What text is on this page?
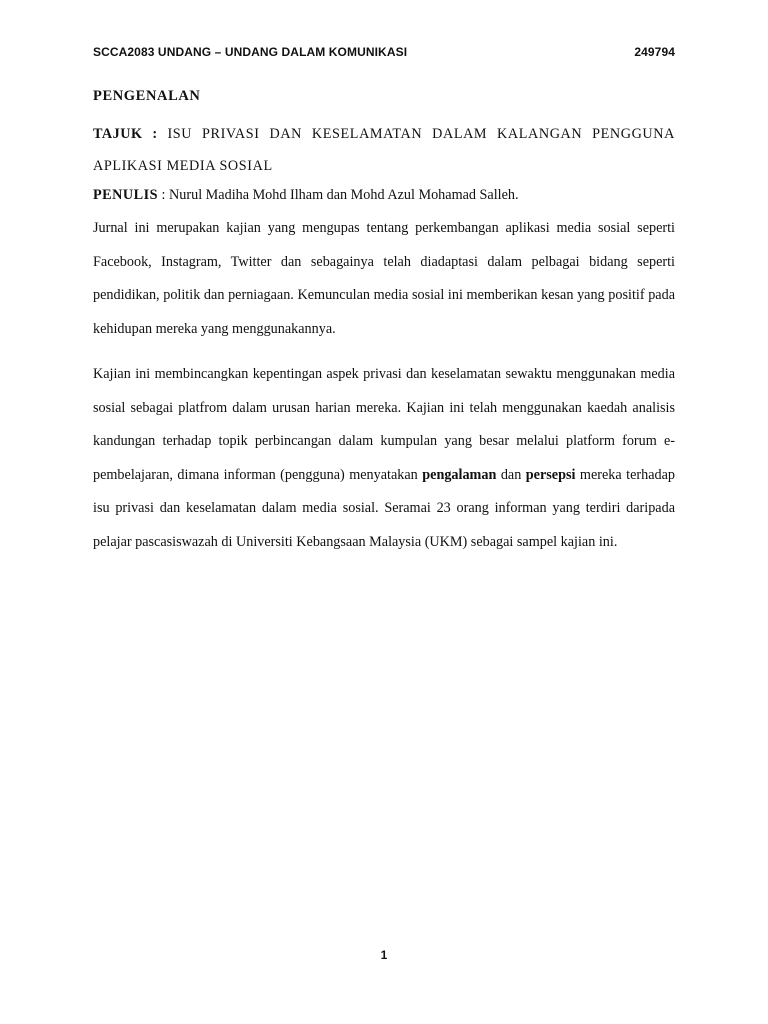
SCCA2083 UNDANG – UNDANG DALAM KOMUNIKASI	249794
PENGENALAN

TAJUK : ISU PRIVASI DAN KESELAMATAN DALAM KALANGAN PENGGUNA APLIKASI MEDIA SOSIAL

PENULIS : Nurul Madiha Mohd Ilham dan Mohd Azul Mohamad Salleh.

Jurnal ini merupakan kajian yang mengupas tentang perkembangan aplikasi media sosial seperti Facebook, Instagram, Twitter dan sebagainya telah diadaptasi dalam pelbagai bidang seperti pendidikan, politik dan perniagaan. Kemunculan media sosial ini memberikan kesan yang positif pada kehidupan mereka yang menggunakannya.

Kajian ini membincangkan kepentingan aspek privasi dan keselamatan sewaktu menggunakan media sosial sebagai platfrom dalam urusan harian mereka. Kajian ini telah menggunakan kaedah analisis kandungan terhadap topik perbincangan dalam kumpulan yang besar melalui platform forum e-pembelajaran, dimana informan (pengguna) menyatakan pengalaman dan persepsi mereka terhadap isu privasi dan keselamatan dalam media sosial. Seramai 23 orang informan yang terdiri daripada pelajar pascasiswazah di Universiti Kebangsaan Malaysia (UKM) sebagai sampel kajian ini.

1
